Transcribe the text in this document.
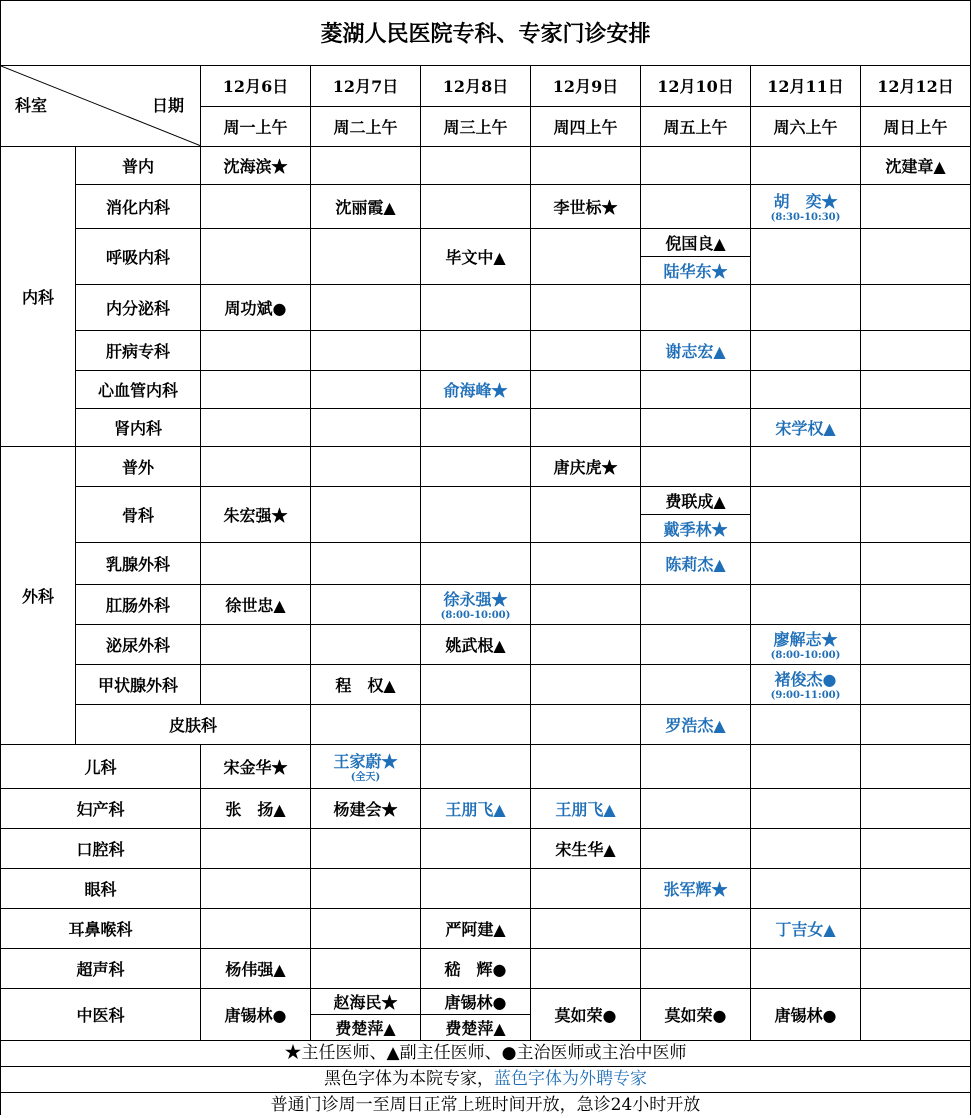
菱湖人民医院专科、专家门诊安排
科室 日期		12月6日	12月7日	12月8日	12月9日	12月10日	12月11日	12月12日	
		周一上午	周二上午	周三上午	周四上午	周五上午	周六上午	周日上午	
内科	普内	沈海滨★						沈建章▲	
	消化内科		沈丽霞▲		李世标★		胡　奕★
(8:30-10:30)		

	呼吸内科			毕文中▲		倪国良▲			
						陆华东★			
	内分泌科	周功斌●							
	肝病专科					谢志宏▲			
	心血管内科			俞海峰★					
	肾内科						宋学权▲		
外科	普外				唐庆虎★				
	骨科	朱宏强★				费联成▲			
						戴季林★			
	乳腺外科					陈莉杰▲			
	肛肠外科	徐世忠▲		徐永强★
(8:00-10:00)					

	泌尿外科			姚武根▲			廖解志★
(8:00-10:00)		

	甲状腺外科		程　权▲				褚俊杰●
(9:00-11:00)		

	皮肤科					罗浩杰▲			
儿科		宋金华★	王家蔚★
(全天)						

妇产科		张　扬▲	杨建会★	王朋飞▲	王朋飞▲				
口腔科					宋生华▲				
眼科						张军辉★			
耳鼻喉科				严阿建▲			丁吉女▲		
超声科		杨伟强▲		嵇　辉●					
中医科		唐锡林●	赵海民★	唐锡林●	莫如荣●	莫如荣●	唐锡林●		
			费楚萍▲	费楚萍▲					
★主任医师、▲副主任医师、●主治医师或主治中医师
黑色字体为本院专家，蓝色字体为外聘专家
普通门诊周一至周日正常上班时间开放，急诊24小时开放
